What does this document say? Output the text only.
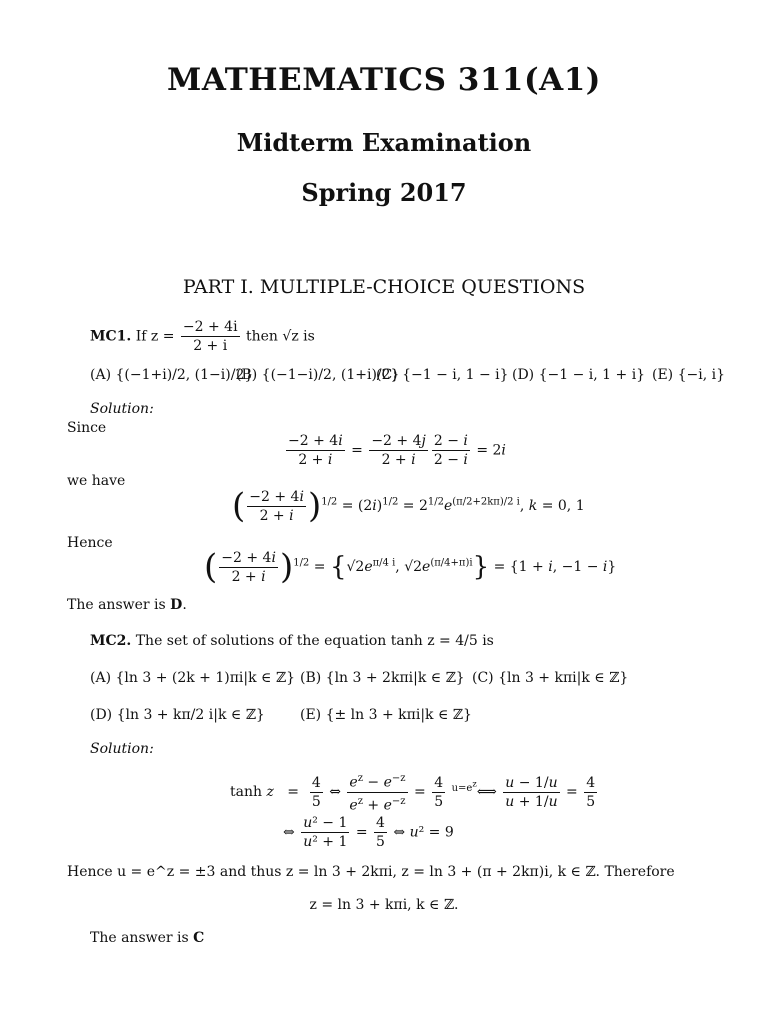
MATHEMATICS 311(A1)
Midterm Examination
Spring 2017
PART I. MULTIPLE-CHOICE QUESTIONS
MC1. If $z = \frac{-2 + 4i}{2 + i}$ then √z is
(A) {(−1+i)/2, (1−i)/2}
(B) {(−1−i)/2, (1+i)/2}
(C) {−1 − i, 1 − i} (D) {−1 − i, 1 + i} (E) {−i, i}
Solution:
Since
$\frac{-2 + 4i}{2 + i} = \frac{-2 + 4j}{2 + i} \frac{2 - i}{2 - i} = 2i$
we have
( $\frac{-2 + 4i}{2 + i} )^{1/2} = (2i)^{1/2} = 2^{1/2}e^{(\pi/2+2k\pi)/2 i}$, k = 0, 1
Hence
( $\frac{-2 + 4i}{2 + i} )^{1/2} = \{√2e^{\pi/4 i}$, $√2e^{(\pi/4+\pi)i}\} = \{1 + i$, −1 − i}
The answer is D.
MC2. The set of solutions of the equation tanh z = 4/5 is
(A) {ln 3 + (2k + 1)πi|k ∈ ℤ} (B) {ln 3 + 2kπi|k ∈ ℤ} (C) {ln 3 + kπi|k ∈ ℤ}
(D) {ln 3 + kπ/2 i|k ∈ ℤ}	(E) {± ln 3 + kπi|k ∈ ℤ}
Solution:
$\tanh z = \frac{4}{5}$ ⇔ $\frac{e^z - e^{-z}}{e^z + e^{-z}} = \frac{4}{5}$ $^{u=e^z}$⟺ $\frac{u - 1/u}{u + 1/u} = \frac{4}{5}$
⇔ $\frac{\text{u² − 1}}{\text{u² + 1}} = \frac{4}{5}$ ⇔ u² = 9
Hence u = e^z = ±3 and thus z = ln 3 + 2kπi, z = ln 3 + (π + 2kπ)i, k ∈ ℤ. Therefore
z = ln 3 + kπi, k ∈ ℤ.
The answer is C
